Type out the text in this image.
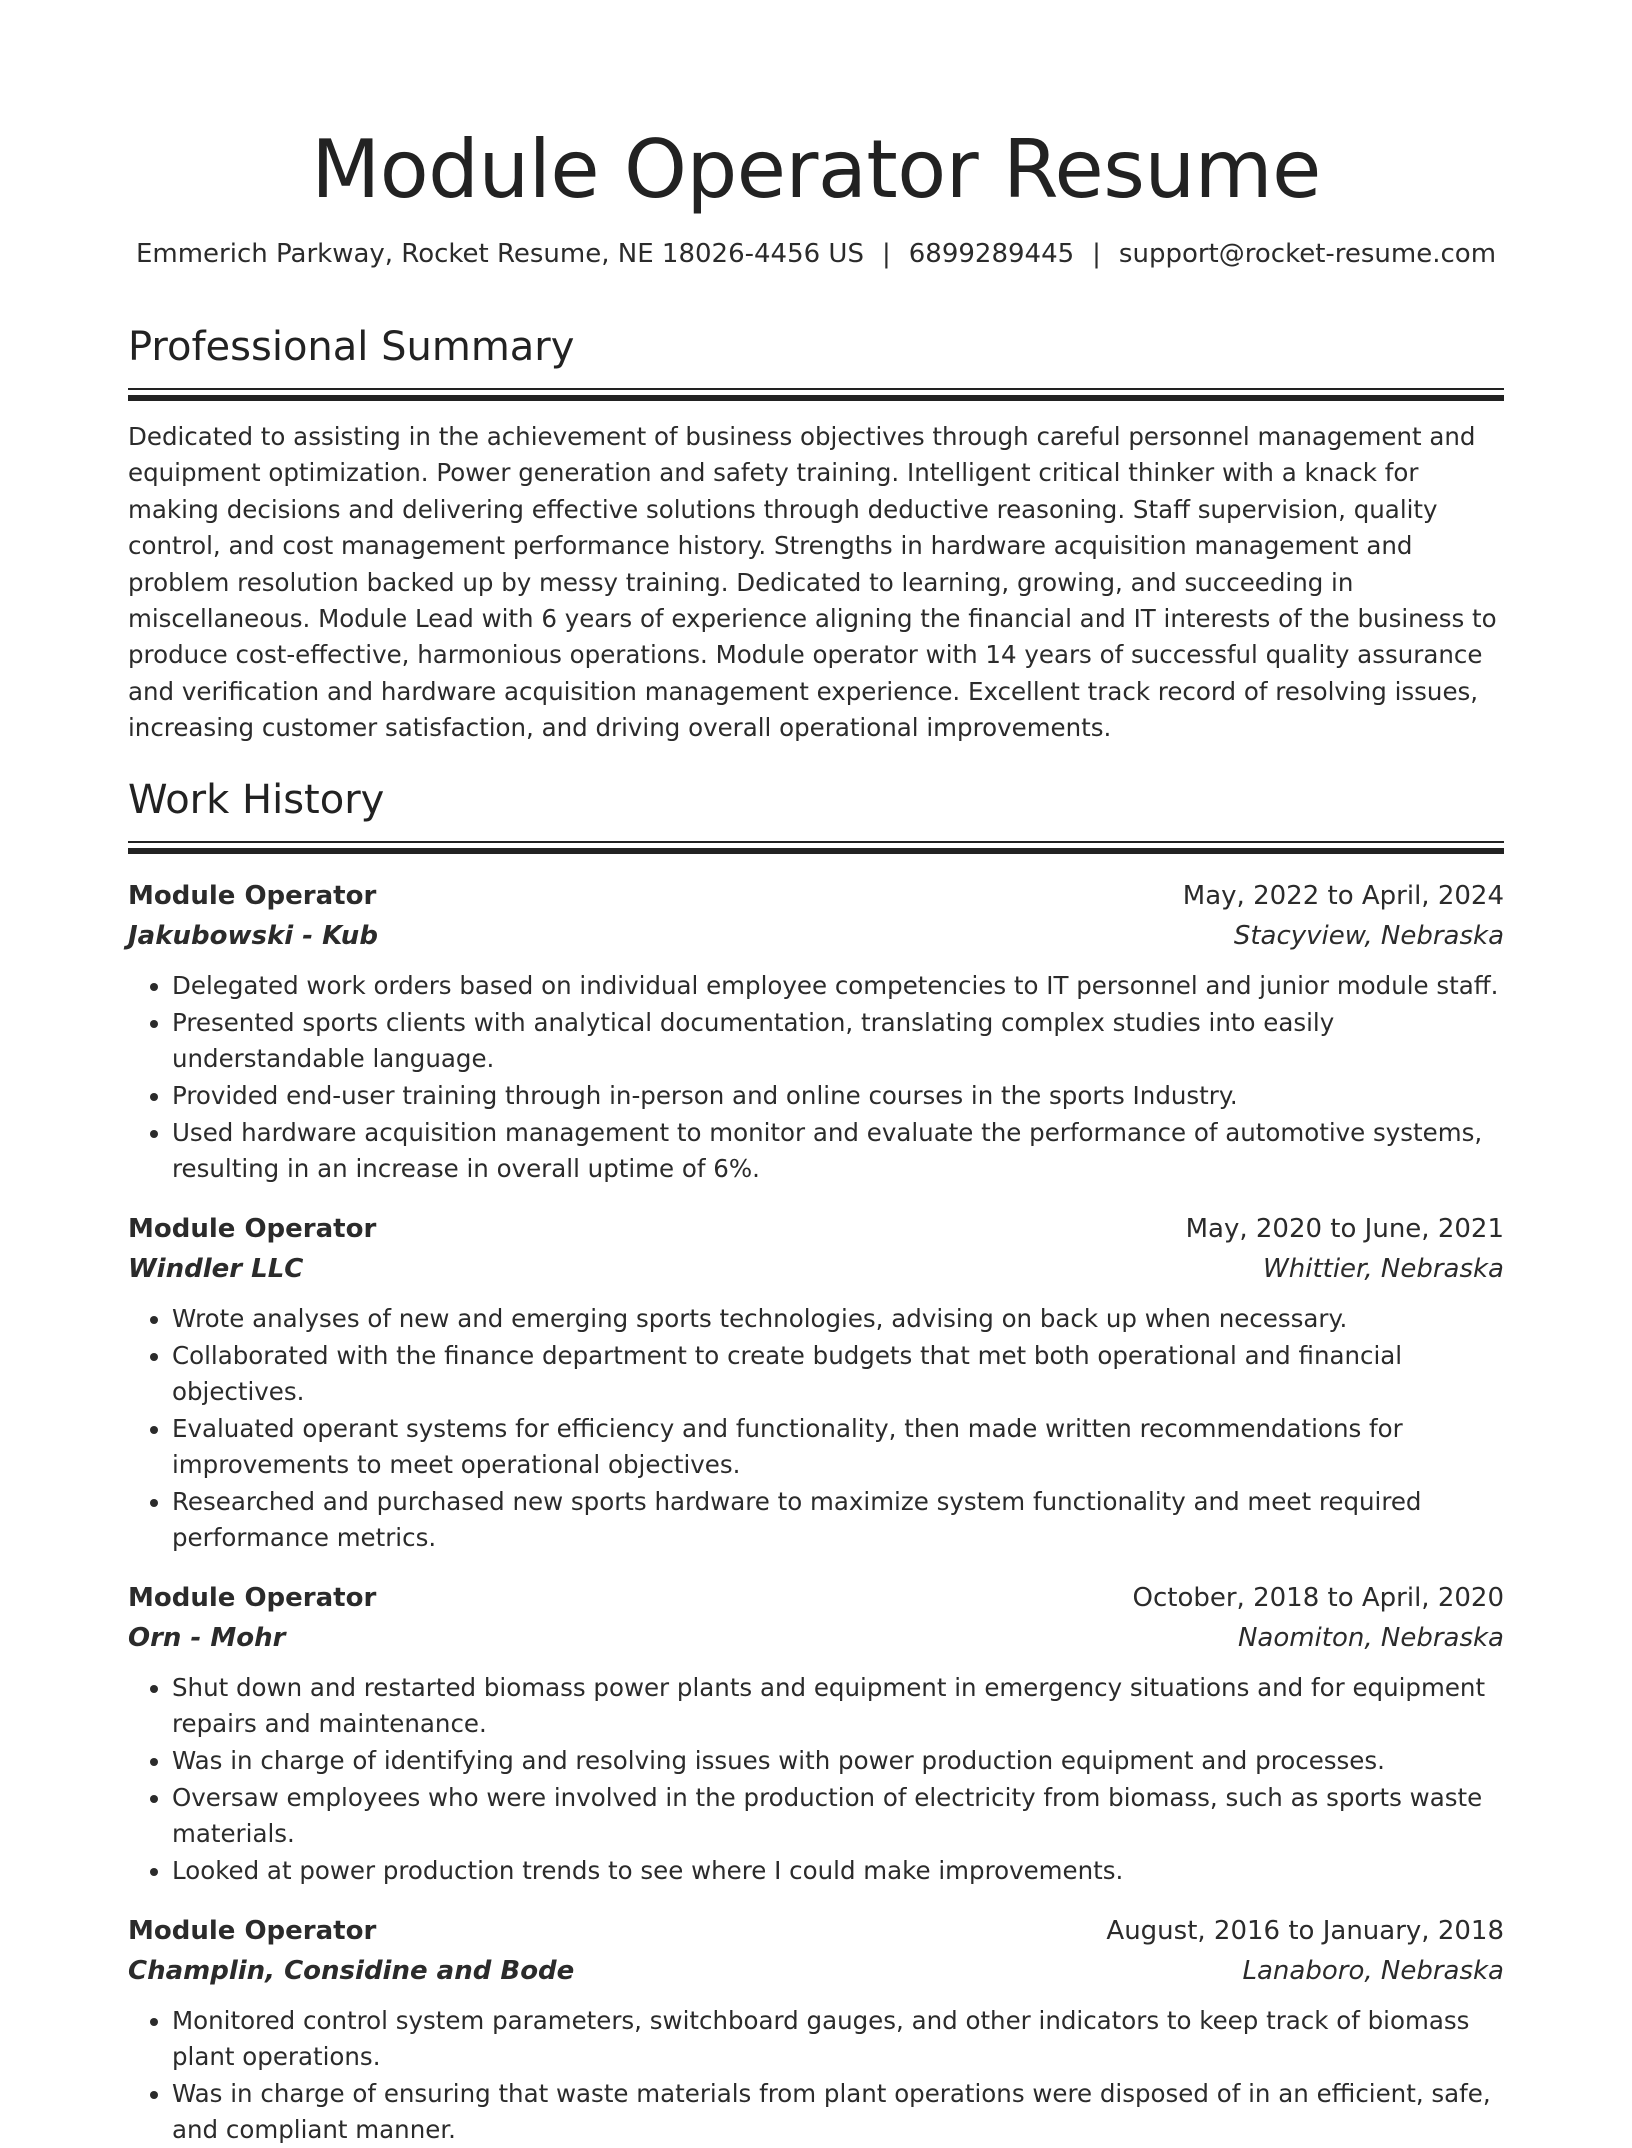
Module Operator Resume
Emmerich Parkway, Rocket Resume, NE 18026-4456 US | 6899289445 | support@rocket-resume.com
Professional Summary

Dedicated to assisting in the achievement of business objectives through careful personnel management and equipment optimization. Power generation and safety training. Intelligent critical thinker with a knack for making decisions and delivering effective solutions through deductive reasoning. Staff supervision, quality control, and cost management performance history. Strengths in hardware acquisition management and problem resolution backed up by messy training. Dedicated to learning, growing, and succeeding in miscellaneous. Module Lead with 6 years of experience aligning the financial and IT interests of the business to produce cost-effective, harmonious operations. Module operator with 14 years of successful quality assurance and verification and hardware acquisition management experience. Excellent track record of resolving issues, increasing customer satisfaction, and driving overall operational improvements.

Work History
Module Operator	May, 2022 to April, 2024
Jakubowski - Kub	Stacyview, Nebraska
• Delegated work orders based on individual employee competencies to IT personnel and junior module staff.
• Presented sports clients with analytical documentation, translating complex studies into easily understandable language.
• Provided end-user training through in-person and online courses in the sports Industry.
• Used hardware acquisition management to monitor and evaluate the performance of automotive systems, resulting in an increase in overall uptime of 6%.
Module Operator	May, 2020 to June, 2021
Windler LLC	Whittier, Nebraska
• Wrote analyses of new and emerging sports technologies, advising on back up when necessary.
• Collaborated with the finance department to create budgets that met both operational and financial objectives.
• Evaluated operant systems for efficiency and functionality, then made written recommendations for improvements to meet operational objectives.
• Researched and purchased new sports hardware to maximize system functionality and meet required performance metrics.
Module Operator	October, 2018 to April, 2020
Orn - Mohr	Naomiton, Nebraska
• Shut down and restarted biomass power plants and equipment in emergency situations and for equipment repairs and maintenance.
• Was in charge of identifying and resolving issues with power production equipment and processes.
• Oversaw employees who were involved in the production of electricity from biomass, such as sports waste materials.
• Looked at power production trends to see where I could make improvements.
Module Operator	August, 2016 to January, 2018
Champlin, Considine and Bode	Lanaboro, Nebraska
• Monitored control system parameters, switchboard gauges, and other indicators to keep track of biomass plant operations.
• Was in charge of ensuring that waste materials from plant operations were disposed of in an efficient, safe, and compliant manner.
